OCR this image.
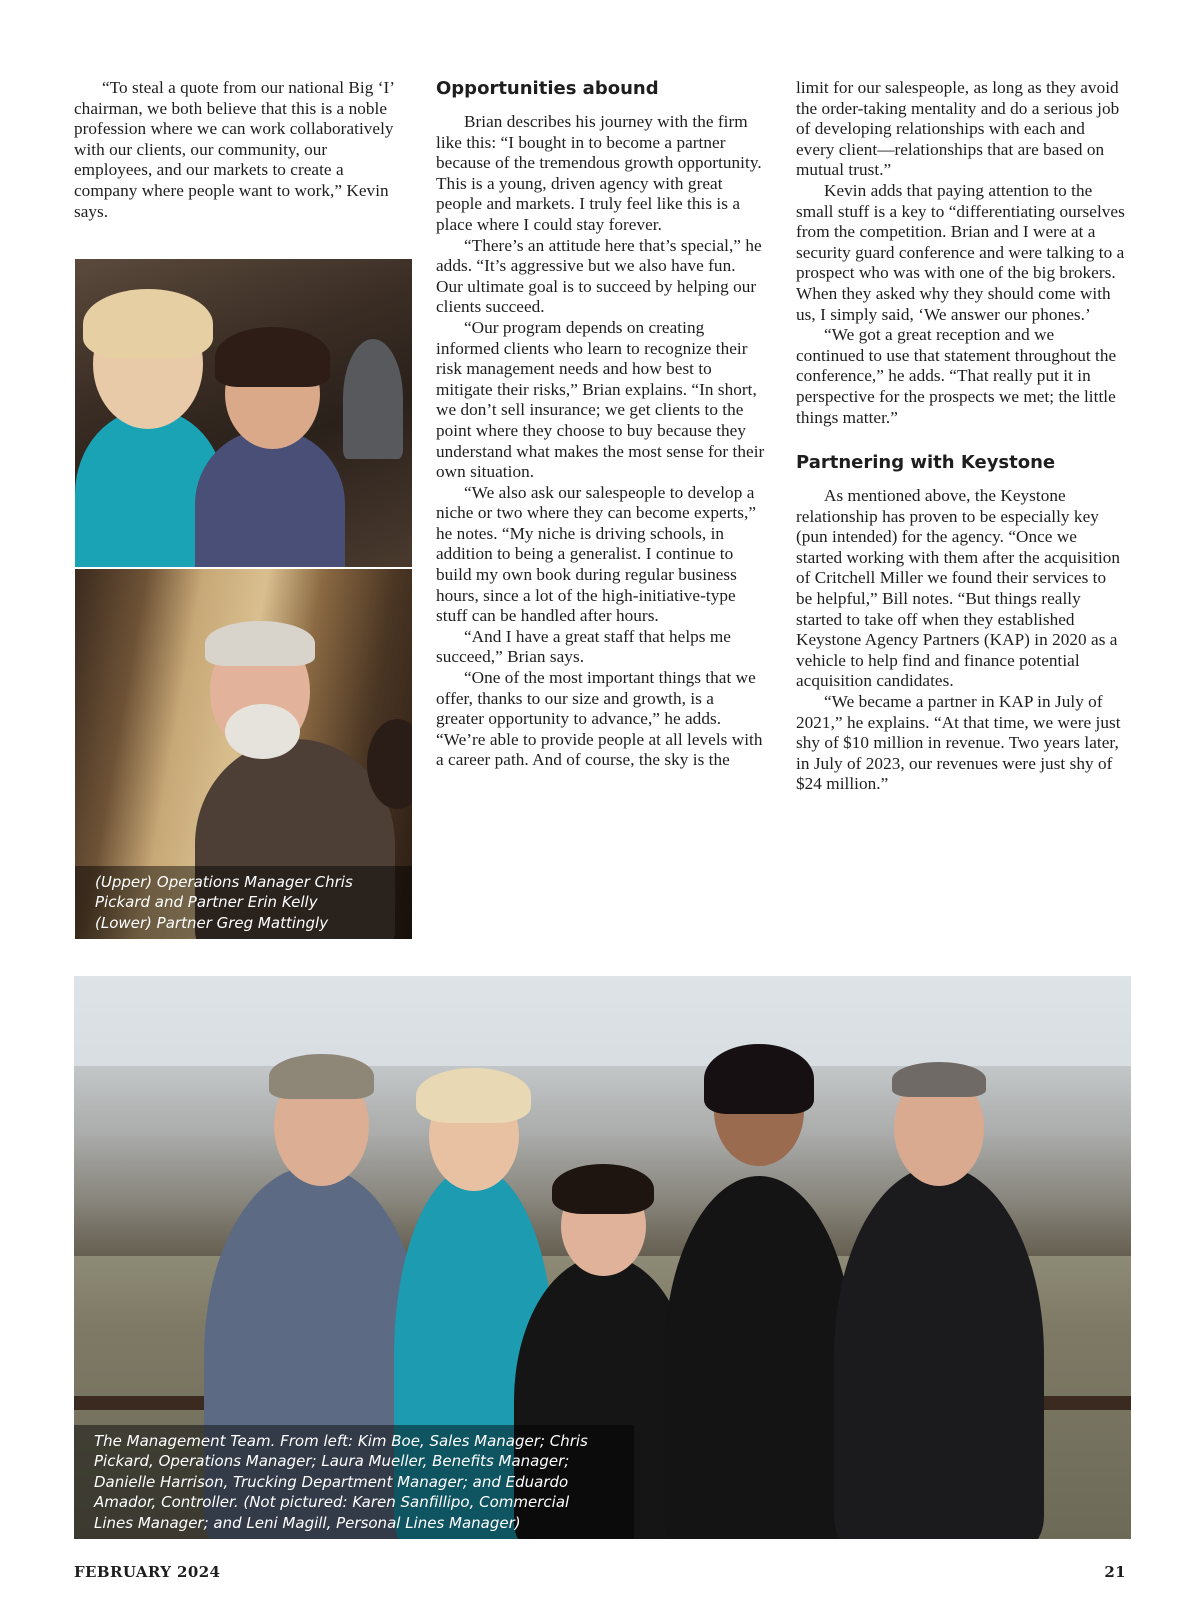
“To steal a quote from our national Big ‘I’ chairman, we both believe that this is a noble profession where we can work collaboratively with our clients, our community, our employees, and our markets to create a company where people want to work,” Kevin says.

(Upper) Operations Manager Chris
Pickard and Partner Erin Kelly
(Lower) Partner Greg Mattingly
Opportunities abound

Brian describes his journey with the firm like this: “I bought in to become a partner because of the tremendous growth opportunity. This is a young, driven agency with great people and markets. I truly feel like this is a place where I could stay forever.

“There’s an attitude here that’s special,” he adds. “It’s aggressive but we also have fun. Our ultimate goal is to succeed by helping our clients succeed.

“Our program depends on creating informed clients who learn to recognize their risk management needs and how best to mitigate their risks,” Brian explains. “In short, we don’t sell insurance; we get clients to the point where they choose to buy because they understand what makes the most sense for their own situation.

“We also ask our salespeople to develop a niche or two where they can become experts,” he notes. “My niche is driving schools, in addition to being a generalist. I continue to build my own book during regular business hours, since a lot of the high-initiative-type stuff can be handled after hours.

“And I have a great staff that helps me succeed,” Brian says.

“One of the most important things that we offer, thanks to our size and growth, is a greater opportunity to advance,” he adds. “We’re able to provide people at all levels with a career path. And of course, the sky is the

limit for our salespeople, as long as they avoid the order-taking mentality and do a serious job of developing relationships with each and every client—relationships that are based on mutual trust.”

Kevin adds that paying attention to the small stuff is a key to “differentiating ourselves from the competition. Brian and I were at a security guard conference and were talking to a prospect who was with one of the big brokers. When they asked why they should come with us, I simply said, ‘We answer our phones.’

“We got a great reception and we continued to use that statement throughout the conference,” he adds. “That really put it in perspective for the prospects we met; the little things matter.”

Partnering with Keystone

As mentioned above, the Keystone relationship has proven to be especially key (pun intended) for the agency. “Once we started working with them after the acquisition of Critchell Miller we found their services to be helpful,” Bill notes. “But things really started to take off when they established Keystone Agency Partners (KAP) in 2020 as a vehicle to help find and finance potential acquisition candidates.

“We became a partner in KAP in July of 2021,” he explains. “At that time, we were just shy of $10 million in revenue. Two years later, in July of 2023, our revenues were just shy of $24 million.”

The Management Team. From left: Kim Boe, Sales Manager; Chris
Pickard, Operations Manager; Laura Mueller, Benefits Manager;
Danielle Harrison, Trucking Department Manager; and Eduardo
Amador, Controller. (Not pictured: Karen Sanfillipo, Commercial
Lines Manager; and Leni Magill, Personal Lines Manager)
FEBRUARY 2024	21
